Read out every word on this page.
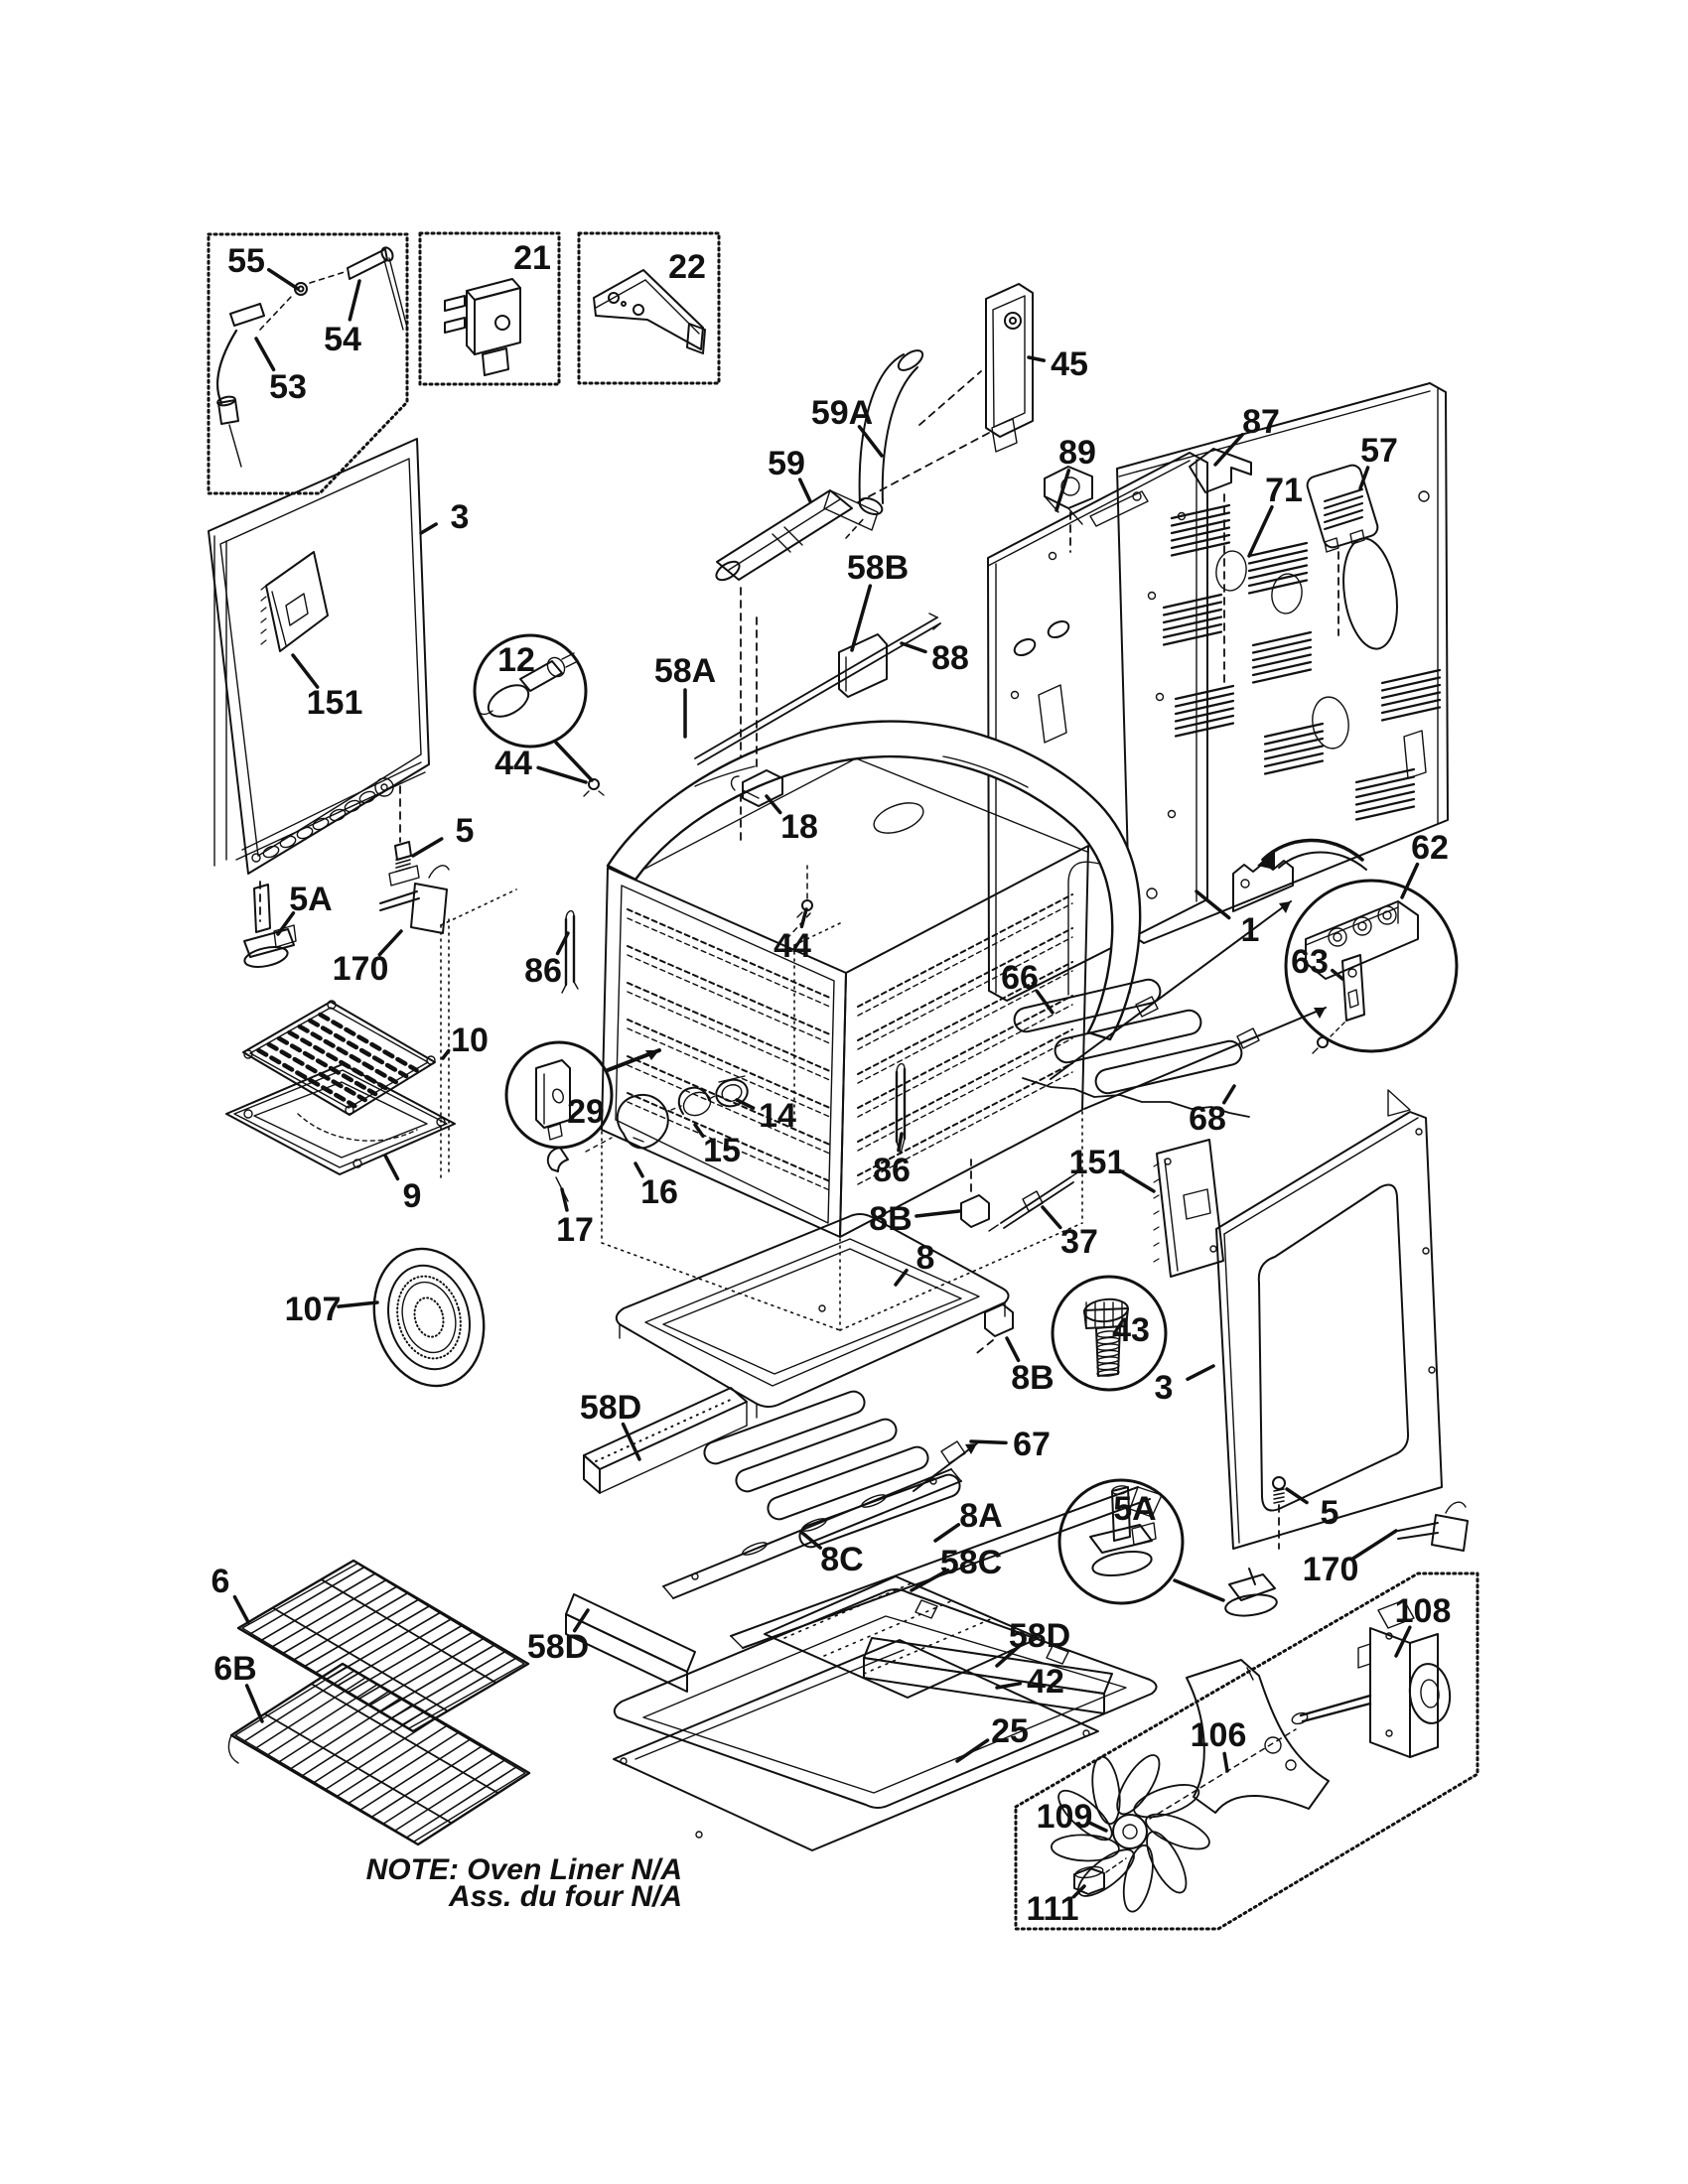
55
54
53
21	22
45
59A
59
58B
88
87
57
71
89
3
151
12	58A
44
18
5
5A
170	86
10
9
107
29	14
15
16
17
44
66
68
1
62
63
86
8B
8
151
37
43
8B	3
58D
67
8A
8C 58C
58D
58D
42
25
6
6B
5
170
5A
108
106
109
111
NOTE: Oven Liner N/A
Ass. du four N/A
